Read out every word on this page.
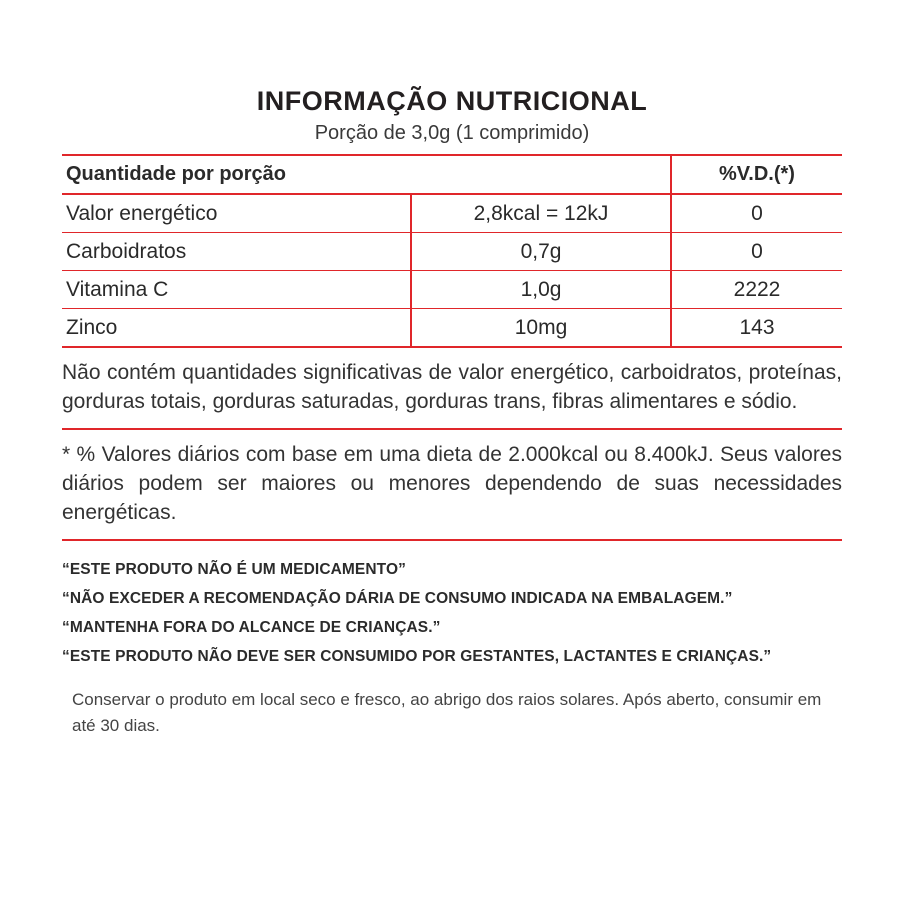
INFORMAÇÃO NUTRICIONAL
Porção de 3,0g (1 comprimido)
Quantidade por porção		%V.D.(*)
Valor energético	2,8kcal = 12kJ	0
Carboidratos	0,7g	0
Vitamina C	1,0g	2222
Zinco	10mg	143
Não contém quantidades significativas de valor energético, carboidratos, proteínas, gorduras totais, gorduras saturadas, gorduras trans, fibras alimentares e sódio.
* % Valores diários com base em uma dieta de 2.000kcal ou 8.400kJ. Seus valores diários podem ser maiores ou menores dependendo de suas necessidades energéticas.
“ESTE PRODUTO NÃO É UM MEDICAMENTO”
“NÃO EXCEDER A RECOMENDAÇÃO DÁRIA DE CONSUMO INDICADA NA EMBALAGEM.”
“MANTENHA FORA DO ALCANCE DE CRIANÇAS.”
“ESTE PRODUTO NÃO DEVE SER CONSUMIDO POR GESTANTES, LACTANTES E CRIANÇAS.”
Conservar o produto em local seco e fresco, ao abrigo dos raios solares. Após aberto, consumir em até 30 dias.
